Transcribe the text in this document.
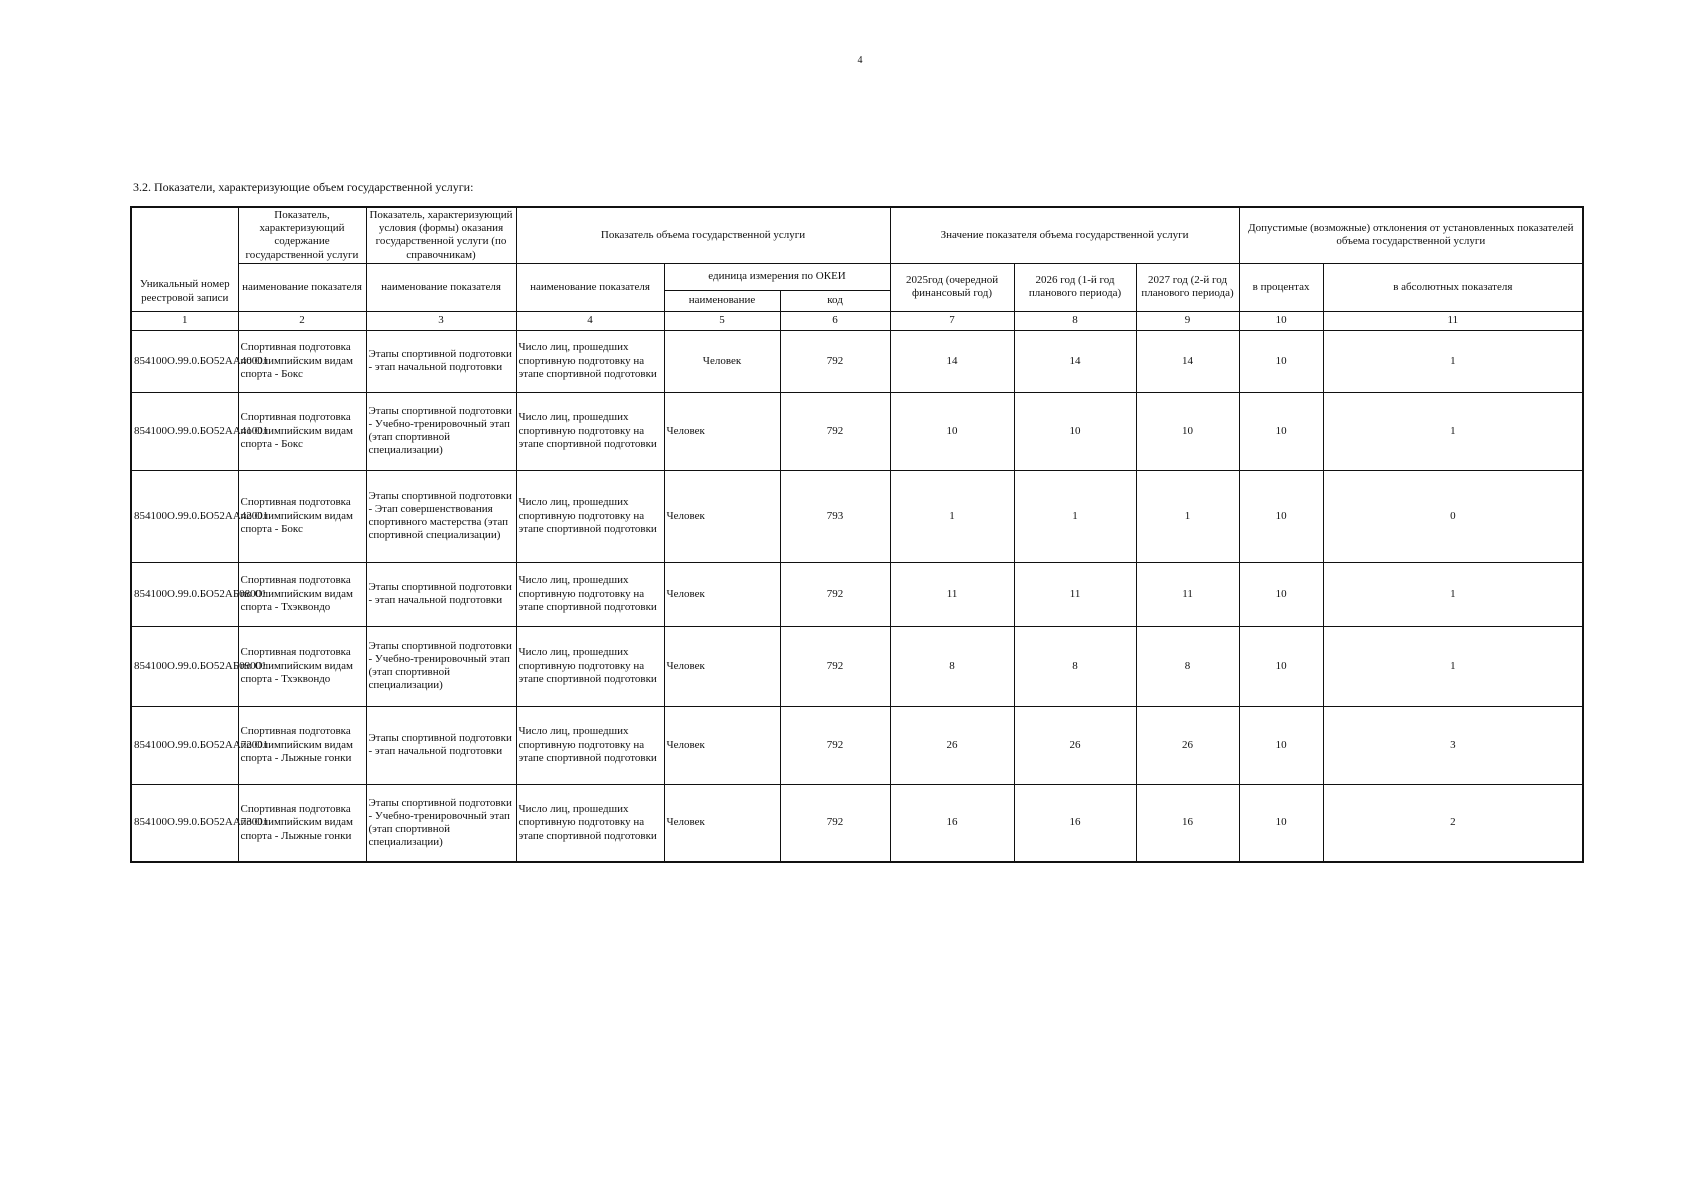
4
3.2. Показатели, характеризующие объем государственной услуги:
Уникальный номер реестровой записи	Показатель, характеризующий содержание государственной услуги	Показатель, характеризующий условия (формы) оказания государственной услуги (по справочникам)	Показатель объема государственной услуги			Значение показателя объема государственной услуги			Допустимые (возможные) отклонения от установленных показателей объема государственной услуги	
	наименование показателя	наименование показателя	наименование показателя	единица измерения по ОКЕИ		2025год (очередной финансовый год)	2026 год (1-й год планового периода)	2027 год (2-й год планового периода)	в процентах	в абсолютных показателя
				наименование	код					
1	2	3	4	5	6	7	8	9	10	11
854100О.99.0.БО52АА40001	Спортивная подготовка по Олимпийским видам спорта - Бокс	Этапы спортивной подготовки - этап начальной подготовки	Число лиц, прошедших спортивную подготовку на этапе спортивной подготовки	Человек	792	14	14	14	10	1
854100О.99.0.БО52АА41001	Спортивная подготовка по Олимпийским видам спорта - Бокс	Этапы спортивной подготовки - Учебно-тренировочный этап (этап спортивной специализации)	Число лиц, прошедших спортивную подготовку на этапе спортивной подготовки	Человек	792	10	10	10	10	1
854100О.99.0.БО52АА42001	Спортивная подготовка по Олимпийским видам спорта - Бокс	Этапы спортивной подготовки - Этап совершенствования спортивного мастерства (этап спортивной специализации)	Число лиц, прошедших спортивную подготовку на этапе спортивной подготовки	Человек	793	1	1	1	10	0
854100О.99.0.БО52АБ08001	Спортивная подготовка по Олимпийским видам спорта - Тхэквондо	Этапы спортивной подготовки - этап начальной подготовки	Число лиц, прошедших спортивную подготовку на этапе спортивной подготовки	Человек	792	11	11	11	10	1
854100О.99.0.БО52АБ09001	Спортивная подготовка по Олимпийским видам спорта - Тхэквондо	Этапы спортивной подготовки - Учебно-тренировочный этап (этап спортивной специализации)	Число лиц, прошедших спортивную подготовку на этапе спортивной подготовки	Человек	792	8	8	8	10	1
854100О.99.0.БО52АА72001	Спортивная подготовка по Олимпийским видам спорта - Лыжные гонки	Этапы спортивной подготовки - этап начальной подготовки	Число лиц, прошедших спортивную подготовку на этапе спортивной подготовки	Человек	792	26	26	26	10	3
854100О.99.0.БО52АА73001	Спортивная подготовка по Олимпийским видам спорта - Лыжные гонки	Этапы спортивной подготовки - Учебно-тренировочный этап (этап спортивной специализации)	Число лиц, прошедших спортивную подготовку на этапе спортивной подготовки	Человек	792	16	16	16	10	2
